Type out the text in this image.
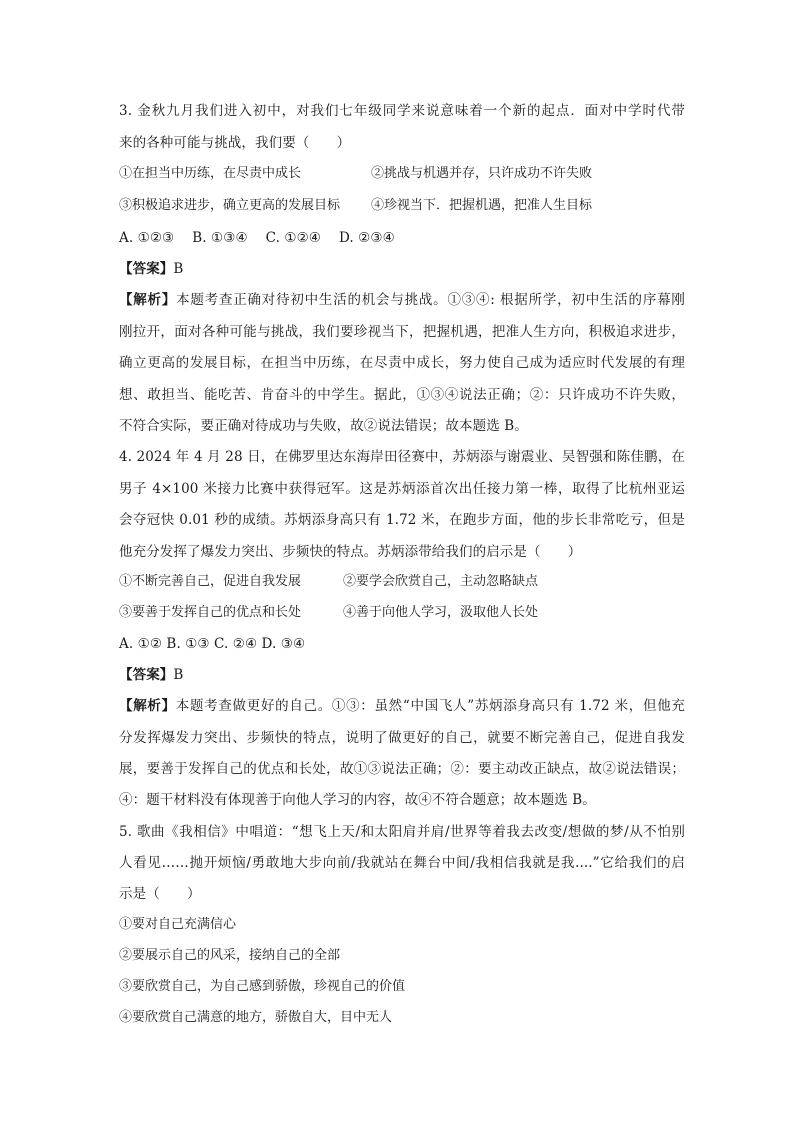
3. 金秋九月我们进入初中，对我们七年级同学来说意味着一个新的起点．面对中学时代带
来的各种可能与挑战，我们要（　　）
①在担当中历练，在尽责中成长	②挑战与机遇并存，只许成功不许失败
③积极追求进步，确立更高的发展目标 ④珍视当下．把握机遇，把准人生目标
A. ①②③　 B. ①③④　 C. ①②④　 D. ②③④
【答案】B
【解析】本题考查正确对待初中生活的机会与挑战。①③④: 根据所学，初中生活的序幕刚
刚拉开，面对各种可能与挑战，我们要珍视当下，把握机遇，把准人生方向，积极追求进步，
确立更高的发展目标，在担当中历练，在尽责中成长，努力使自己成为适应时代发展的有理
想、敢担当、能吃苦、肯奋斗的中学生。据此，①③④说法正确；②：只许成功不许失败，
不符合实际，要正确对待成功与失败，故②说法错误；故本题选 B。
4. 2024 年 4 月 28 日，在佛罗里达东海岸田径赛中，苏炳添与谢震业、吴智强和陈佳鹏，在
男子 4×100 米接力比赛中获得冠军。这是苏炳添首次出任接力第一棒，取得了比杭州亚运
会夺冠快 0.01 秒的成绩。苏炳添身高只有 1.72 米，在跑步方面，他的步长非常吃亏，但是
他充分发挥了爆发力突出、步频快的特点。苏炳添带给我们的启示是（　　）
①不断完善自己，促进自我发展	②要学会欣赏自己，主动忽略缺点
③要善于发挥自己的优点和长处	④善于向他人学习，汲取他人长处
A. ①② B. ①③ C. ②④ D. ③④
【答案】B
【解析】本题考查做更好的自己。①③：虽然“中国飞人”苏炳添身高只有 1.72 米，但他充
分发挥爆发力突出、步频快的特点，说明了做更好的自己，就要不断完善自己，促进自我发
展，要善于发挥自己的优点和长处，故①③说法正确；②：要主动改正缺点，故②说法错误；
④：题干材料没有体现善于向他人学习的内容，故④不符合题意；故本题选 B。
5. 歌曲《我相信》中唱道：“想飞上天/和太阳肩并肩/世界等着我去改变/想做的梦/从不怕别
人看见……抛开烦恼/勇敢地大步向前/我就站在舞台中间/我相信我就是我....”它给我们的启
示是（　　）
①要对自己充满信心
②要展示自己的风采，接纳自己的全部
③要欣赏自己，为自己感到骄傲，珍视自己的价值
④要欣赏自己满意的地方，骄傲自大，目中无人
